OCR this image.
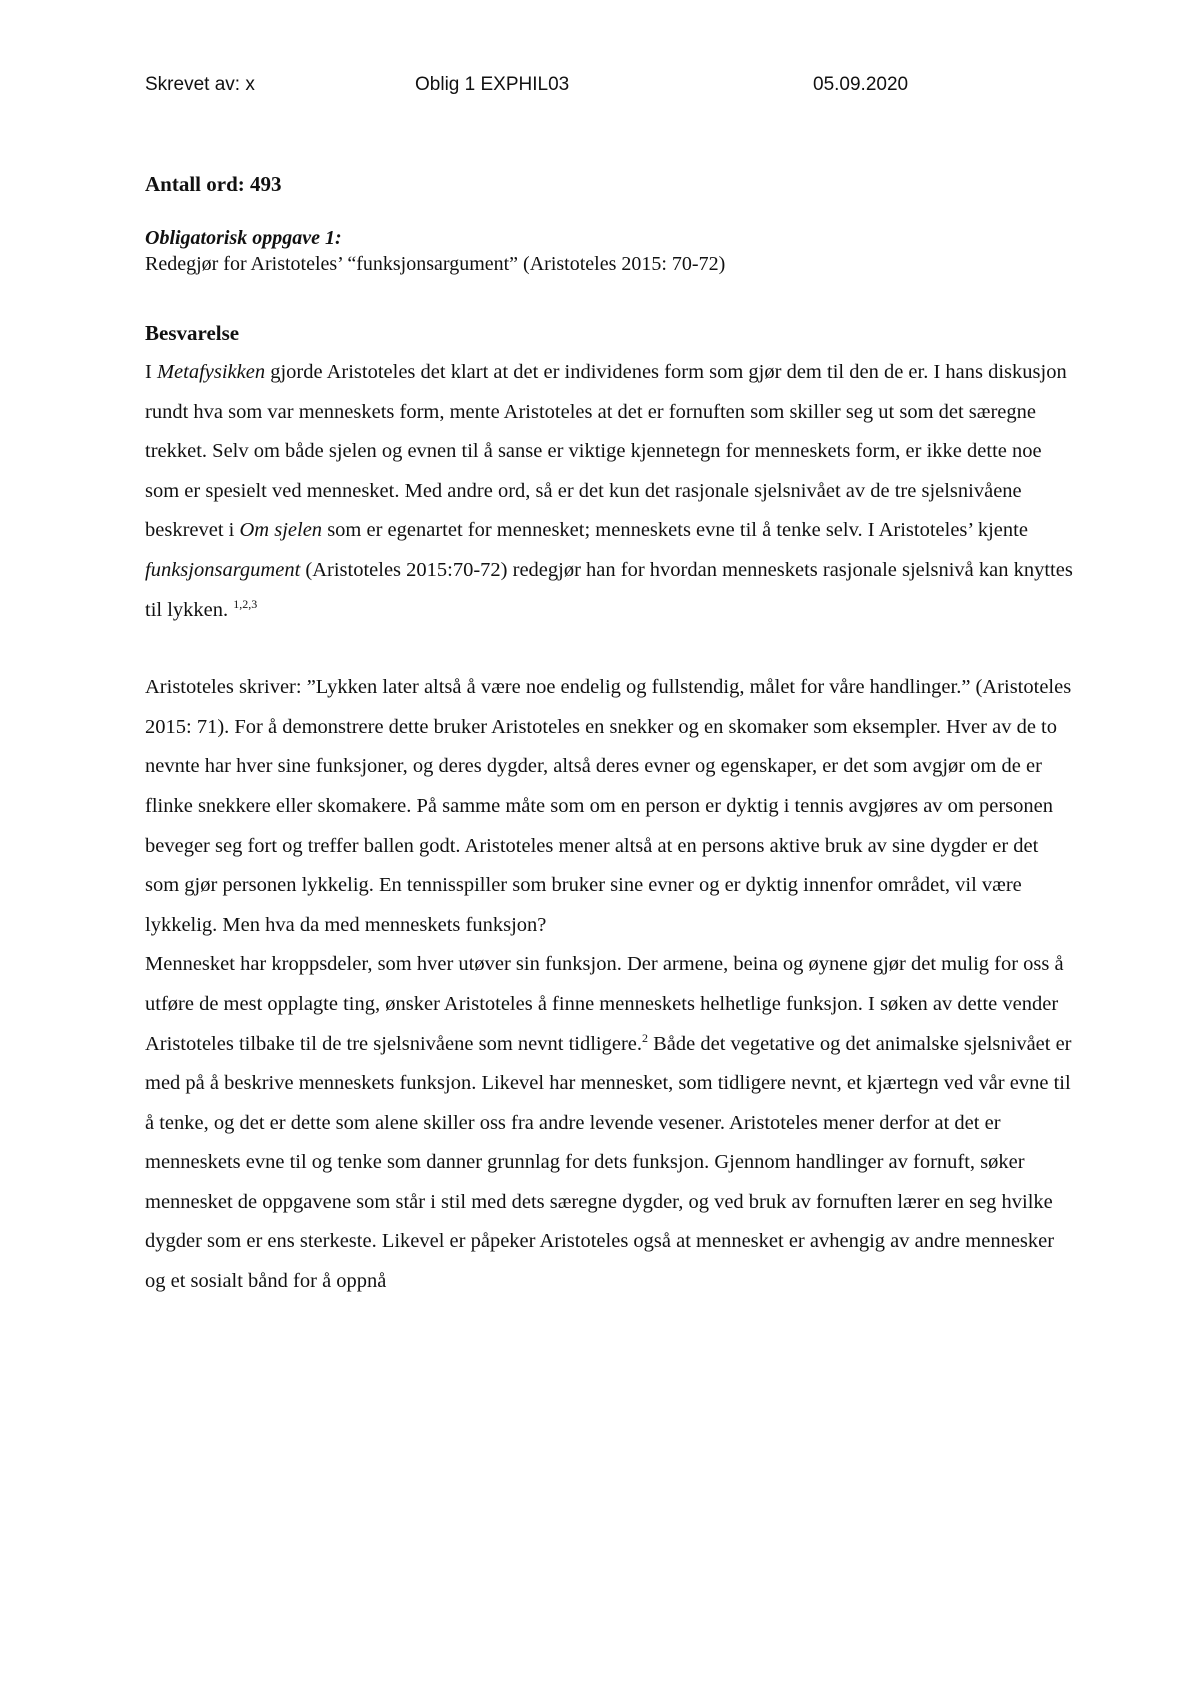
Skrevet av: x	Oblig 1 EXPHIL03	05.09.2020

Antall ord: 493

Obligatorisk oppgave 1:

Redegjør for Aristoteles’ “funksjonsargument” (Aristoteles 2015: 70-72)

Besvarelse

I Metafysikken gjorde Aristoteles det klart at det er individenes form som gjør dem til den de er. I hans diskusjon rundt hva som var menneskets form, mente Aristoteles at det er fornuften som skiller seg ut som det særegne trekket. Selv om både sjelen og evnen til å sanse er viktige kjennetegn for menneskets form, er ikke dette noe som er spesielt ved mennesket. Med andre ord, så er det kun det rasjonale sjelsnivået av de tre sjelsnivåene beskrevet i Om sjelen som er egenartet for mennesket; menneskets evne til å tenke selv. I Aristoteles’ kjente funksjonsargument (Aristoteles 2015:70-72) redegjør han for hvordan menneskets rasjonale sjelsnivå kan knyttes til lykken. $^{1,2,3}$

Aristoteles skriver: ”Lykken later altså å være noe endelig og fullstendig, målet for våre handlinger.” (Aristoteles 2015: 71). For å demonstrere dette bruker Aristoteles en snekker og en skomaker som eksempler. Hver av de to nevnte har hver sine funksjoner, og deres dygder, altså deres evner og egenskaper, er det som avgjør om de er flinke snekkere eller skomakere. På samme måte som om en person er dyktig i tennis avgjøres av om personen beveger seg fort og treffer ballen godt. Aristoteles mener altså at en persons aktive bruk av sine dygder er det som gjør personen lykkelig. En tennisspiller som bruker sine evner og er dyktig innenfor området, vil være lykkelig. Men hva da med menneskets funksjon?

Mennesket har kroppsdeler, som hver utøver sin funksjon. Der armene, beina og øynene gjør det mulig for oss å utføre de mest opplagte ting, ønsker Aristoteles å finne menneskets helhetlige funksjon. I søken av dette vender Aristoteles tilbake til de tre sjelsnivåene som nevnt tidligere.$^2$ Både det vegetative og det animalske sjelsnivået er med på å beskrive menneskets funksjon. Likevel har mennesket, som tidligere nevnt, et kjærtegn ved vår evne til å tenke, og det er dette som alene skiller oss fra andre levende vesener. Aristoteles mener derfor at det er menneskets evne til og tenke som danner grunnlag for dets funksjon. Gjennom handlinger av fornuft, søker mennesket de oppgavene som står i stil med dets særegne dygder, og ved bruk av fornuften lærer en seg hvilke dygder som er ens sterkeste. Likevel er påpeker Aristoteles også at mennesket er avhengig av andre mennesker og et sosialt bånd for å oppnå
